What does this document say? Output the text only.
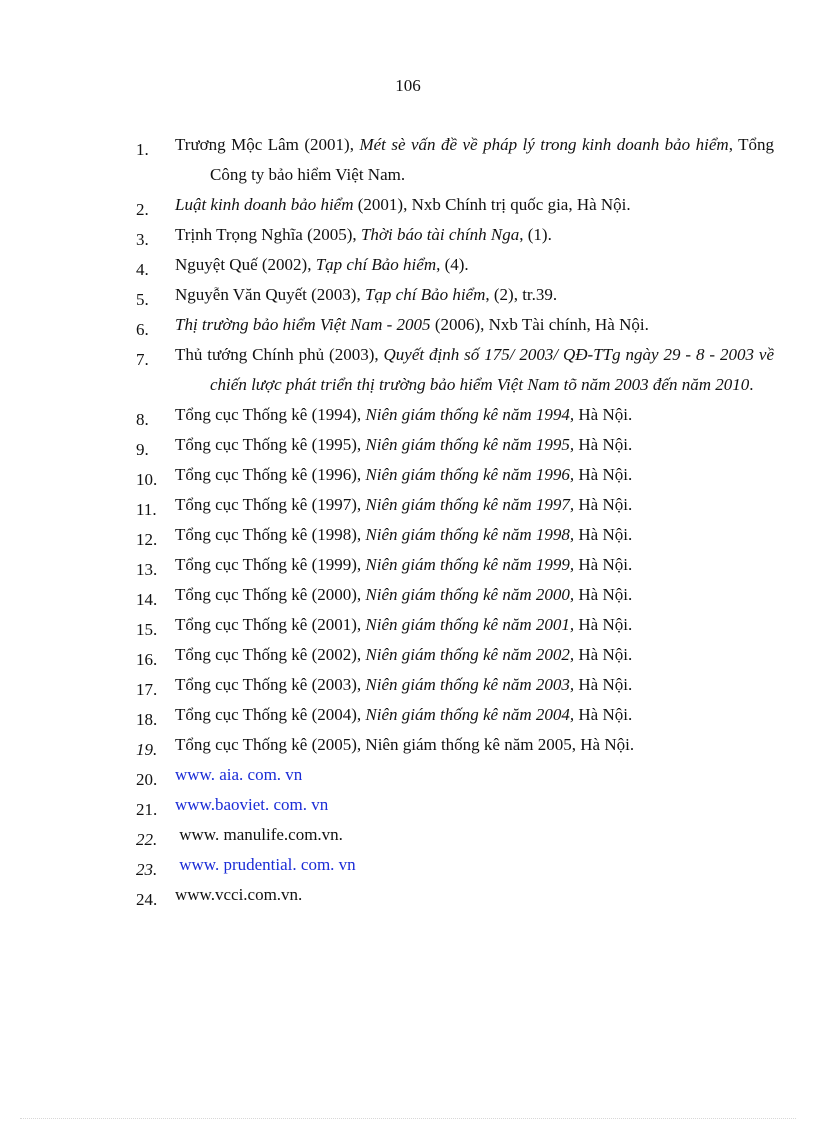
106
1. Trương Mộc Lâm (2001), Mét sè vấn đề về pháp lý trong kinh doanh bảo hiểm, Tổng Công ty bảo hiểm Việt Nam.
2. Luật kinh doanh bảo hiểm (2001), Nxb Chính trị quốc gia, Hà Nội.
3. Trịnh Trọng Nghĩa (2005), Thời báo tài chính Nga, (1).
4. Nguyệt Quế (2002), Tạp chí Bảo hiểm, (4).
5. Nguyễn Văn Quyết (2003), Tạp chí Bảo hiểm, (2), tr.39.
6. Thị trường bảo hiểm Việt Nam - 2005 (2006), Nxb Tài chính, Hà Nội.
7. Thủ tướng Chính phủ (2003), Quyết định số 175/ 2003/ QĐ-TTg ngày 29 - 8 - 2003 về chiến lược phát triển thị trường bảo hiểm Việt Nam tõ năm 2003 đến năm 2010.
8. Tổng cục Thống kê (1994), Niên giám thống kê năm 1994, Hà Nội.
9. Tổng cục Thống kê (1995), Niên giám thống kê năm 1995, Hà Nội.
10. Tổng cục Thống kê (1996), Niên giám thống kê năm 1996, Hà Nội.
11. Tổng cục Thống kê (1997), Niên giám thống kê năm 1997, Hà Nội.
12. Tổng cục Thống kê (1998), Niên giám thống kê năm 1998, Hà Nội.
13. Tổng cục Thống kê (1999), Niên giám thống kê năm 1999, Hà Nội.
14. Tổng cục Thống kê (2000), Niên giám thống kê năm 2000, Hà Nội.
15. Tổng cục Thống kê (2001), Niên giám thống kê năm 2001, Hà Nội.
16. Tổng cục Thống kê (2002), Niên giám thống kê năm 2002, Hà Nội.
17. Tổng cục Thống kê (2003), Niên giám thống kê năm 2003, Hà Nội.
18. Tổng cục Thống kê (2004), Niên giám thống kê năm 2004, Hà Nội.
19. Tổng cục Thống kê (2005), Niên giám thống kê năm 2005, Hà Nội.
20. www. aia. com. vn
21. www.baoviet. com. vn
22. www. manulife.com.vn.
23. www. prudential. com. vn
24. www.vcci.com.vn.
